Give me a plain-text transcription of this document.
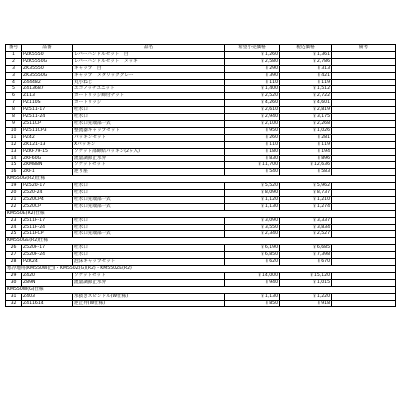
番号	品番	品名	希望小売価格	税込価格	備考
1	PZK5550	レバーハンドルセット　白	￥1,260	￥1,361	
2	PZK5550G	レバーハンドルセット　メッキ	￥2,580	￥2,786	
3	ZK35550	キャップ　白	￥290	￥313	
3	ZK35550G	キャップ　メタリックグレー	￥390	￥421	
4	Z44482	丸小ねじ	￥110	￥119	
5	Z413687	エコノッチユニット	￥1,400	￥1,512	
6	Z113	カートリッジ締付ナット	￥2,520	￥2,722	
7	PZ110S	カートリッジ	￥4,260	￥4,601	
8	PZ511-17	吐水口	￥2,610	￥2,819	
8	PZ511-24	吐水口	￥2,940	￥3,175	
9	Z511CP	吐水口先端部一式	￥2,100	￥2,268	
10	PZ511CP3	整流器キャップセット	￥950	￥1,026	
11	PZ42	パッキンセット	￥260	￥281	
12	ZK121-13	Xパッキン	￥110	￥119	
13	PZKF79-15	ソケット部締結パッキン(2ヶ入)	￥180	￥194	
14	ZKF60G	流量調節止水弁	￥830	￥896	
15	ZKM88N	ソケットセット	￥11,700	￥12,636	
16	ZKF1	逆り座	￥540	￥583	
KM550G(R2)仕様					
19	PZ520-17	吐水口	￥5,520	￥5,962	
20	Z520-24	吐水口	￥8,090	￥8,737	
21	Z520CP4	吐水口先端部一式	￥1,120	￥1,210	
22	Z520CP	吐水口先端部一式	￥1,130	￥1,274	
KM550E(R2)仕様					
23	Z511F-17	吐水口	￥3,090	￥3,337	
24	Z511F-24	吐水口	￥3,550	￥3,834	
25	Z511FCP	吐水口先端部一式	￥2,340	￥2,527	
KM550GE(R2)仕様					
26	Z520F-17	吐水口	￥6,190	￥6,685	
27	Z520F-24	吐水口	￥6,850	￥7,398	
28	PZK24	泡沫キャップセット	￥620	￥670	
寒冷地用(KM550W(□)・KM550Z(G)(R2)・KM550ZE(R2)					
29	Z420	ソケットセット	￥14,000	￥15,120	
30	Z89N	流量調節止水弁	￥940	￥1,015	
KM550W(G)仕様					
31	Z403	水抜きスピンドル(W仕様)	￥1,130	￥1,220	
32	Z411614	逆止弁(W仕様)	￥850	￥918	
